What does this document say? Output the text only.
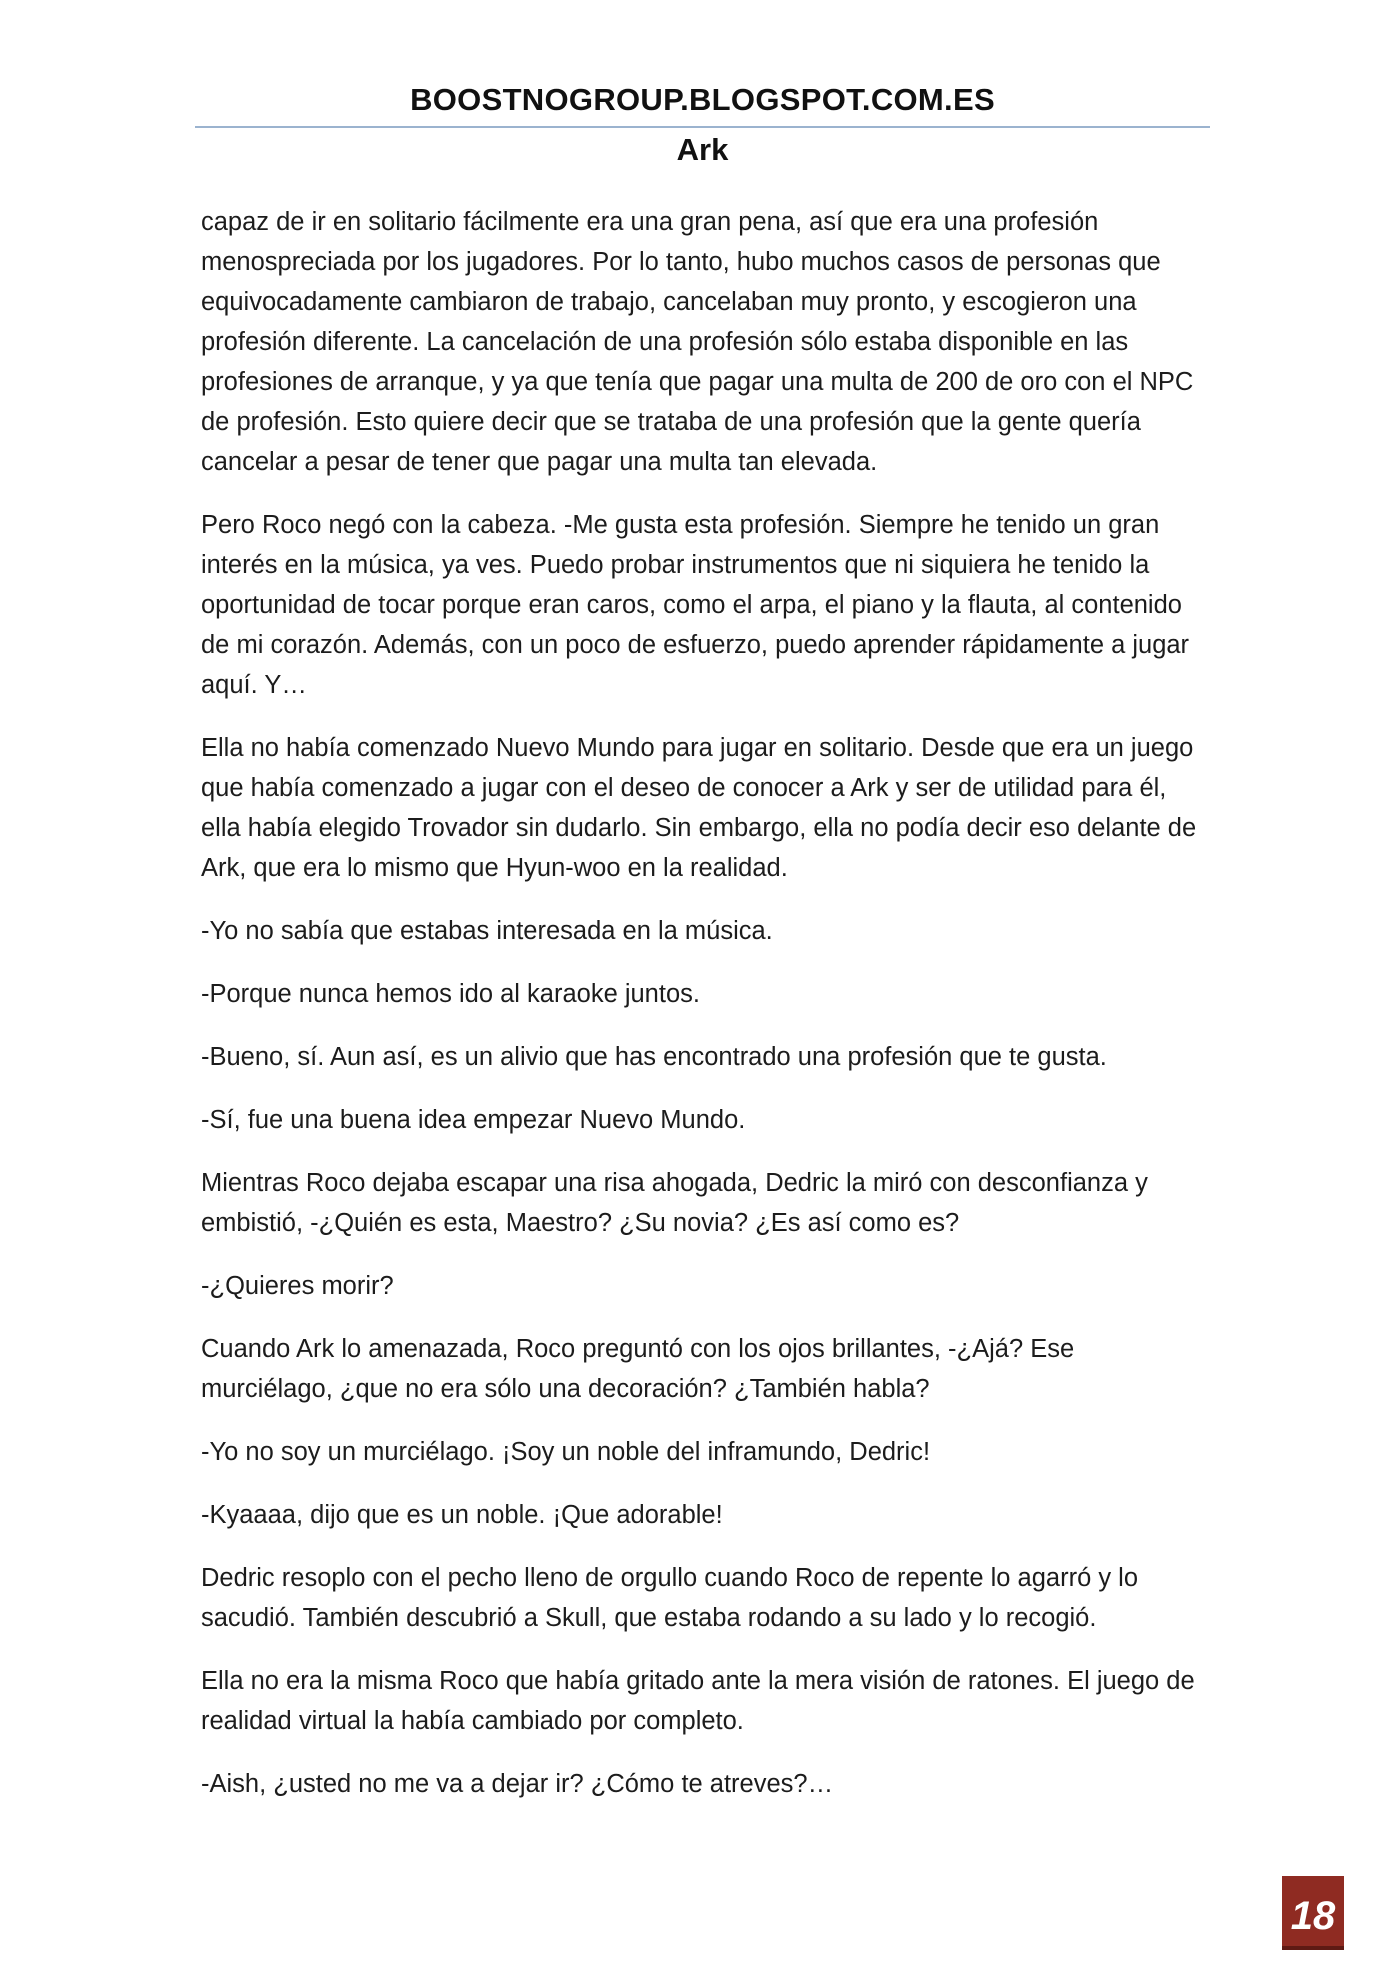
BOOSTNOGROUP.BLOGSPOT.COM.ES
Ark

capaz de ir en solitario fácilmente era una gran pena, así que era una profesión menospreciada por los jugadores. Por lo tanto, hubo muchos casos de personas que equivocadamente cambiaron de trabajo, cancelaban muy pronto, y escogieron una profesión diferente. La cancelación de una profesión sólo estaba disponible en las profesiones de arranque, y ya que tenía que pagar una multa de 200 de oro con el NPC de profesión. Esto quiere decir que se trataba de una profesión que la gente quería cancelar a pesar de tener que pagar una multa tan elevada.

Pero Roco negó con la cabeza. -Me gusta esta profesión. Siempre he tenido un gran interés en la música, ya ves. Puedo probar instrumentos que ni siquiera he tenido la oportunidad de tocar porque eran caros, como el arpa, el piano y la flauta, al contenido de mi corazón. Además, con un poco de esfuerzo, puedo aprender rápidamente a jugar aquí. Y…

Ella no había comenzado Nuevo Mundo para jugar en solitario. Desde que era un juego que había comenzado a jugar con el deseo de conocer a Ark y ser de utilidad para él, ella había elegido Trovador sin dudarlo. Sin embargo, ella no podía decir eso delante de Ark, que era lo mismo que Hyun-woo en la realidad.

-Yo no sabía que estabas interesada en la música.

-Porque nunca hemos ido al karaoke juntos.

-Bueno, sí. Aun así, es un alivio que has encontrado una profesión que te gusta.

-Sí, fue una buena idea empezar Nuevo Mundo.

Mientras Roco dejaba escapar una risa ahogada, Dedric la miró con desconfianza y embistió, -¿Quién es esta, Maestro? ¿Su novia? ¿Es así como es?

-¿Quieres morir?

Cuando Ark lo amenazada, Roco preguntó con los ojos brillantes, -¿Ajá? Ese murciélago, ¿que no era sólo una decoración? ¿También habla?

-Yo no soy un murciélago. ¡Soy un noble del inframundo, Dedric!

-Kyaaaa, dijo que es un noble. ¡Que adorable!

Dedric resoplo con el pecho lleno de orgullo cuando Roco de repente lo agarró y lo sacudió. También descubrió a Skull, que estaba rodando a su lado y lo recogió.

Ella no era la misma Roco que había gritado ante la mera visión de ratones. El juego de realidad virtual la había cambiado por completo.

-Aish, ¿usted no me va a dejar ir? ¿Cómo te atreves?…

18
